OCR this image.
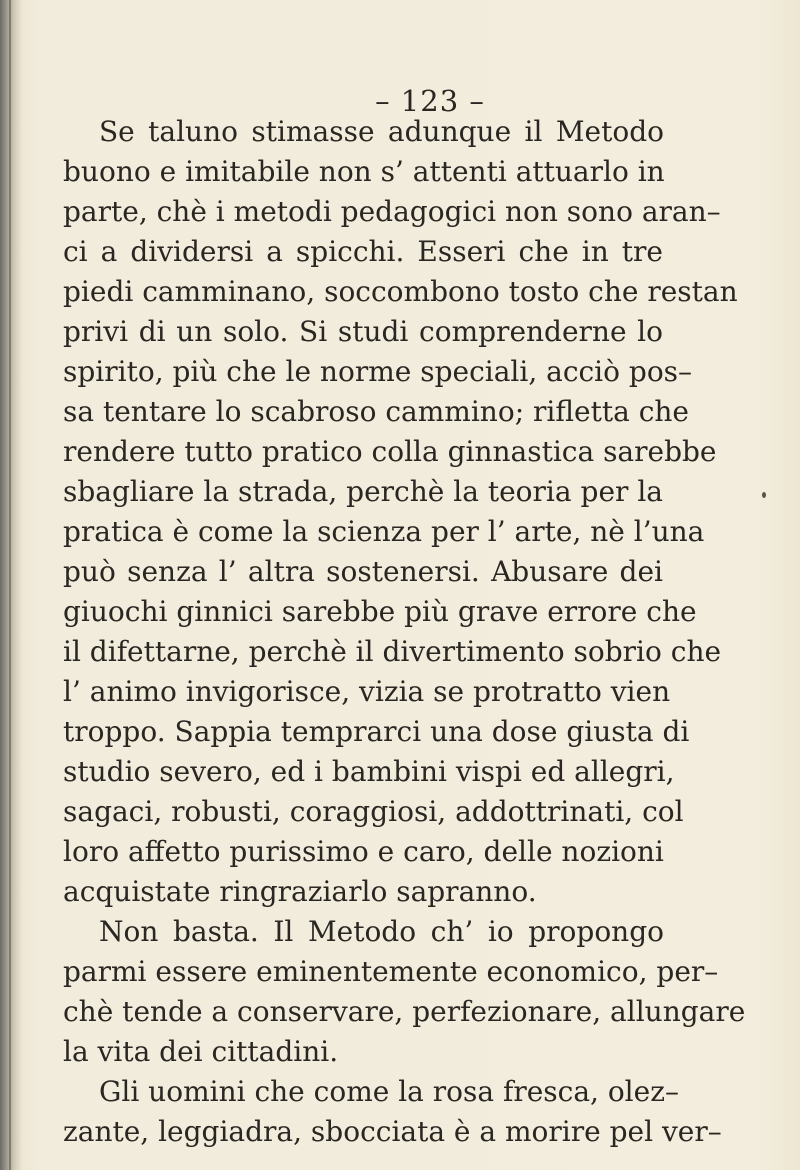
– 123 –
Se taluno stimasse adunque il Metodo
buono e imitabile non s’ attenti attuarlo in
parte, chè i metodi pedagogici non sono aran–
ci a dividersi a spicchi. Esseri che in tre
piedi camminano, soccombono tosto che restan
privi di un solo. Si studi comprenderne lo
spirito, più che le norme speciali, acciò pos–
sa tentare lo scabroso cammino; rifletta che
rendere tutto pratico colla ginnastica sarebbe
sbagliare la strada, perchè la teoria per la
pratica è come la scienza per l’ arte, nè l’una
può senza l’ altra sostenersi. Abusare dei
giuochi ginnici sarebbe più grave errore che
il difettarne, perchè il divertimento sobrio che
l’ animo invigorisce, vizia se protratto vien
troppo. Sappia temprarci una dose giusta di
studio severo, ed i bambini vispi ed allegri,
sagaci, robusti, coraggiosi, addottrinati, col
loro affetto purissimo e caro, delle nozioni
acquistate ringraziarlo sapranno.
Non basta. Il Metodo ch’ io propongo
parmi essere eminentemente economico, per–
chè tende a conservare, perfezionare, allungare
la vita dei cittadini.
Gli uomini che come la rosa fresca, olez–
zante, leggiadra, sbocciata è a morire pel ver–
